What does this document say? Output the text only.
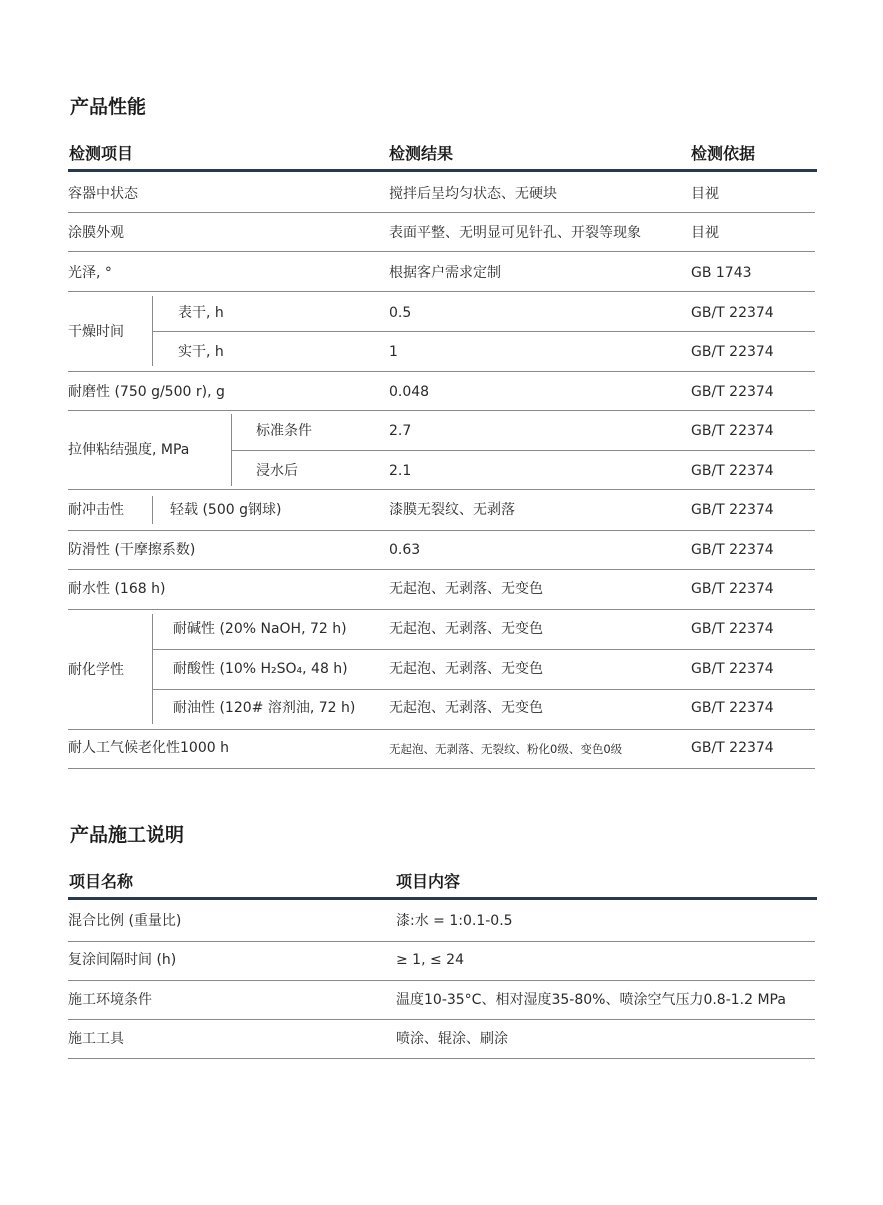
产品性能
检测项目	检测结果	检测依据
容器中状态	搅拌后呈均匀状态、无硬块	目视
涂膜外观	表面平整、无明显可见针孔、开裂等现象	目视
光泽, °	根据客户需求定制	GB 1743
干燥时间
表干, h	0.5	GB/T 22374
实干, h	1	GB/T 22374
耐磨性 (750 g/500 r), g	0.048	GB/T 22374
拉伸粘结强度, MPa
标准条件	2.7	GB/T 22374
浸水后	2.1	GB/T 22374
耐冲击性	轻载 (500 g钢球)	漆膜无裂纹、无剥落	GB/T 22374
防滑性 (干摩擦系数)	0.63	GB/T 22374
耐水性 (168 h)	无起泡、无剥落、无变色	GB/T 22374
耐化学性
耐碱性 (20% NaOH, 72 h)	无起泡、无剥落、无变色	GB/T 22374
耐酸性 (10% H₂SO₄, 48 h)	无起泡、无剥落、无变色	GB/T 22374
耐油性 (120# 溶剂油, 72 h) 无起泡、无剥落、无变色	GB/T 22374
耐人工气候老化性1000 h	无起泡、无剥落、无裂纹、粉化0级、变色0级	GB/T 22374
产品施工说明
项目名称	项目内容
混合比例 (重量比)	漆:水 = 1:0.1-0.5
复涂间隔时间 (h)	≥ 1, ≤ 24
施工环境条件	温度10-35°C、相对湿度35-80%、喷涂空气压力0.8-1.2 MPa
施工工具	喷涂、辊涂、刷涂
